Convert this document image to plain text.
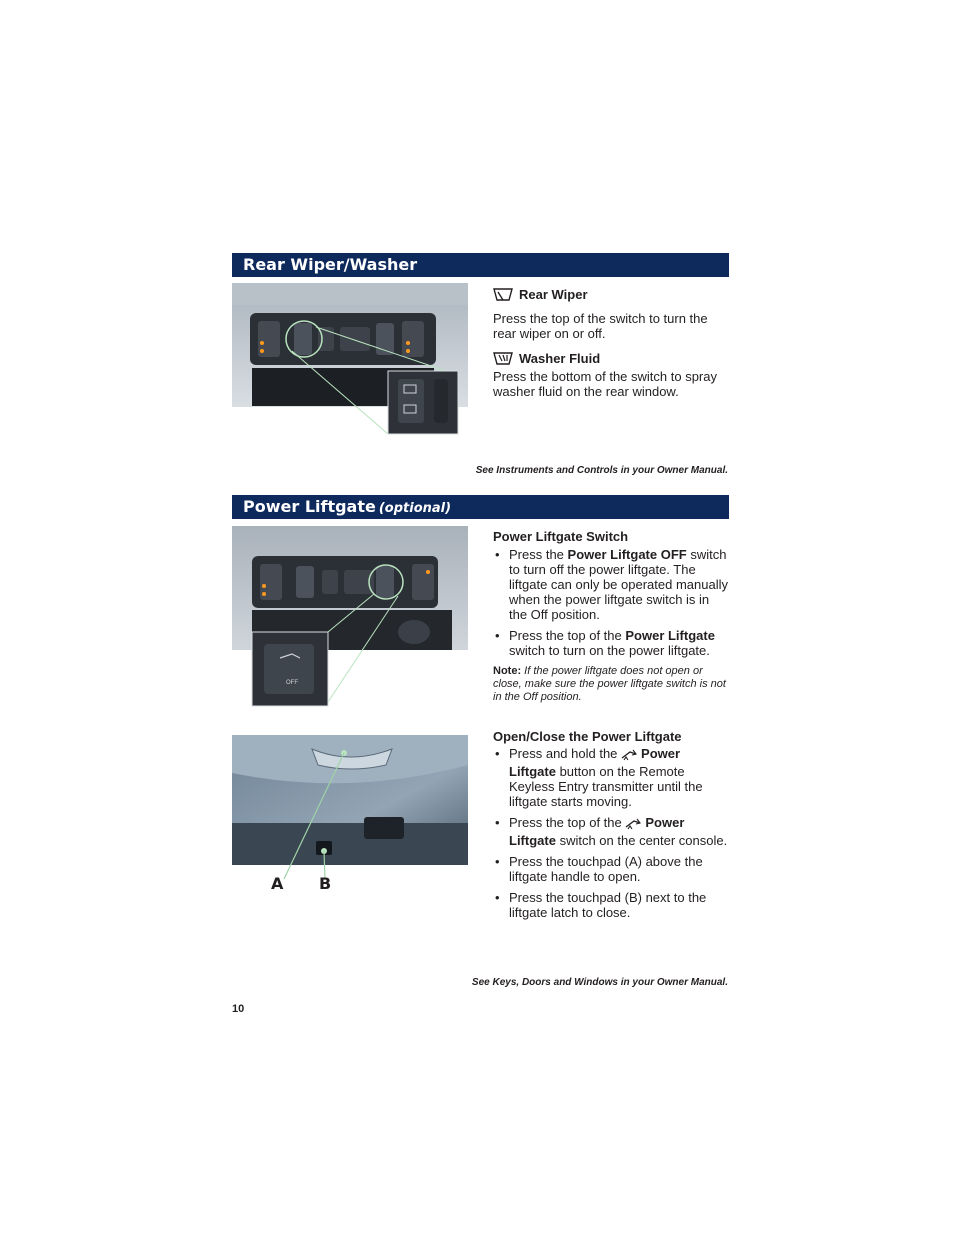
Rear Wiper/Washer
Rear Wiper
Press the top of the switch to turn the rear wiper on or off.
Washer Fluid
Press the bottom of the switch to spray washer fluid on the rear window.
See Instruments and Controls in your Owner Manual.
Power Liftgate (optional)
OFF
Power Liftgate Switch
• Press the Power Liftgate OFF switch to turn off the power liftgate. The liftgate can only be operated manually when the power liftgate switch is in the Off position.
• Press the top of the Power Liftgate switch to turn on the power liftgate.
Note: If the power liftgate does not open or close, make sure the power liftgate switch is not in the Off position.
A B
Open/Close the Power Liftgate
• Press and hold the Power Liftgate button on the Remote Keyless Entry transmitter until the liftgate starts moving.
• Press the top of the Power Liftgate switch on the center console.
• Press the touchpad (A) above the liftgate handle to open.
• Press the touchpad (B) next to the liftgate latch to close.
See Keys, Doors and Windows in your Owner Manual.
10
